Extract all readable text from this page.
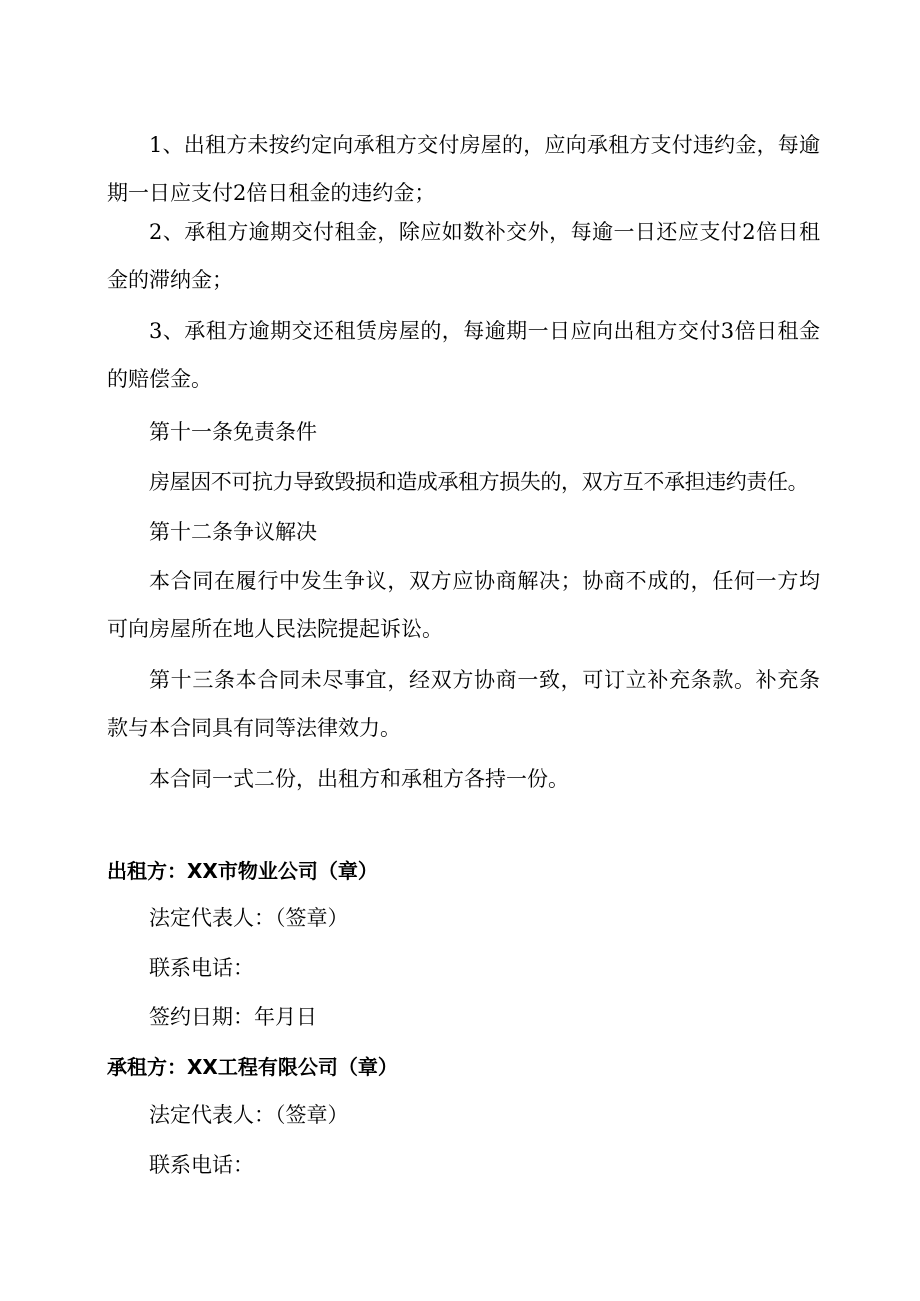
1、出租方未按约定向承租方交付房屋的，应向承租方支付违约金，每逾期一日应支付2倍日租金的违约金；

2、承租方逾期交付租金，除应如数补交外，每逾一日还应支付2倍日租金的滞纳金；

3、承租方逾期交还租赁房屋的，每逾期一日应向出租方交付3倍日租金的赔偿金。

第十一条免责条件

房屋因不可抗力导致毁损和造成承租方损失的，双方互不承担违约责任。

第十二条争议解决

本合同在履行中发生争议，双方应协商解决；协商不成的，任何一方均可向房屋所在地人民法院提起诉讼。

第十三条本合同未尽事宜，经双方协商一致，可订立补充条款。补充条款与本合同具有同等法律效力。

本合同一式二份，出租方和承租方各持一份。

出租方：XX市物业公司（章）

法定代表人：（签章）

联系电话：

签约日期：年月日

承租方：XX工程有限公司（章）

法定代表人：（签章）

联系电话：
